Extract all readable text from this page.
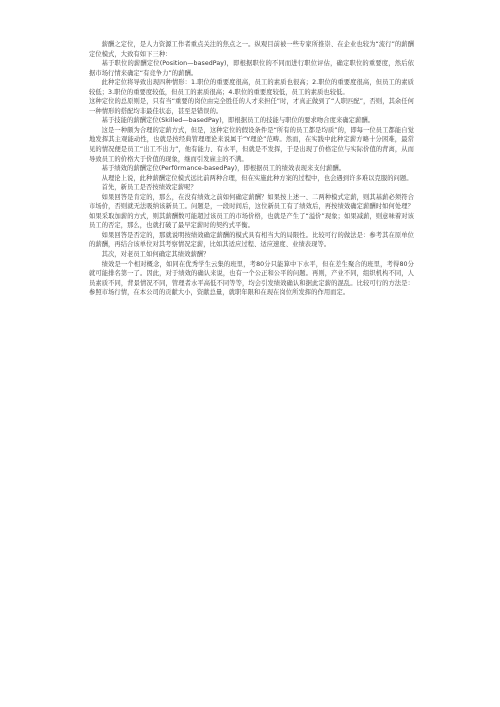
薪酬之定位，是人力资源工作者重点关注的焦点之一。纵观目前被一些专家所推崇、在企业也较为“流行”的薪酬定位模式，大致有如下三种：

基于职位的薪酬定位(Position—basedPay)，即根据职位的不同而进行职位评估，确定职位的重要度，然后依据市场行情来确定“有竞争力”的薪酬。

此种定位将导致出现四种情形：1.职位的重要度很高，员工的素质也很高；2.职位的重要度很高，但员工的素质较低；3.职位的重要度较低，但员工的素质很高；4.职位的重要度较低，员工的素质也较低。

这种定位的总原则是，只有当“重要的岗位由完全胜任的人才来担任”时，才真正做到了“人职匹配”，否则，其余任何一种情形的搭配均非最佳状态，甚至是错误的。

基于技能的薪酬定位(Skilled—basedPay)，即根据员工的技能与职位的要求吻合度来确定薪酬。

这是一种颇为合理的定薪方式，但是，这种定位的假设条件是“所有的员工都是均质”的，即每一位员工都能自觉地发挥其主观能动性，也就是按经典管理理论来说属于“Y理论”范畴。然而，在实践中此种定薪方略十分困难，最常见的情况便是员工“出工不出力”，他有能力、有水平，但就是不发挥，于是出现了价格定位与实际价值的背离，从而导致员工的价格大于价值的现象，继而引发雇主的不满。

基于绩效的薪酬定位(Perf0rmance-basedPay)，即根据员工的绩效表现来支付薪酬。

从理论上说，此种薪酬定位模式远比前两种合理，但在实施此种方案的过程中，也会遇到许多难以克服的问题。

首先，新员工是否按绩效定薪呢？

如果回答是肯定的，那么，在没有绩效之前如何确定薪酬？如果按上述一、二两种模式定薪，则其基薪必须符合市场价，否则就无法吸纳该新员工。问题是，一段时间后，这位新员工有了绩效后，再按绩效确定薪酬时如何处理？如果采取加薪的方式，则其薪酬数可能超过该员工的市场价格，也就是产生了“溢价”现象；如果减薪，则意味着对该员工的否定，那么，也就打破了最早定薪时的契约式平衡。

如果回答是否定的，那就说明按绩效确定薪酬的模式具有相当大的局限性。比较可行的做法是：参考其在原单位的薪酬，再结合该单位对其考察情况定薪，比如其适应过程、适应速度、业绩表现等。

其次，对老员工如何确定其绩效薪酬？

绩效是一个相对概念，如同在优秀学生云集的班里，考80分只能算中下水平，但在差生聚合的班里，考得80分就可能排名第一了。因此，对于绩效的确认来说，也有一个公正和公平的问题。再则，产业不同，组织机构不同，人员素质不同，背景情况不同，管理者水平高低不同等等，均会引发绩效确认和据此定薪的混乱。比较可行的方法是：参照市场行情，在本公司的贡献大小，资献总量，就职年限和在现在岗位所发挥的作用而定。
